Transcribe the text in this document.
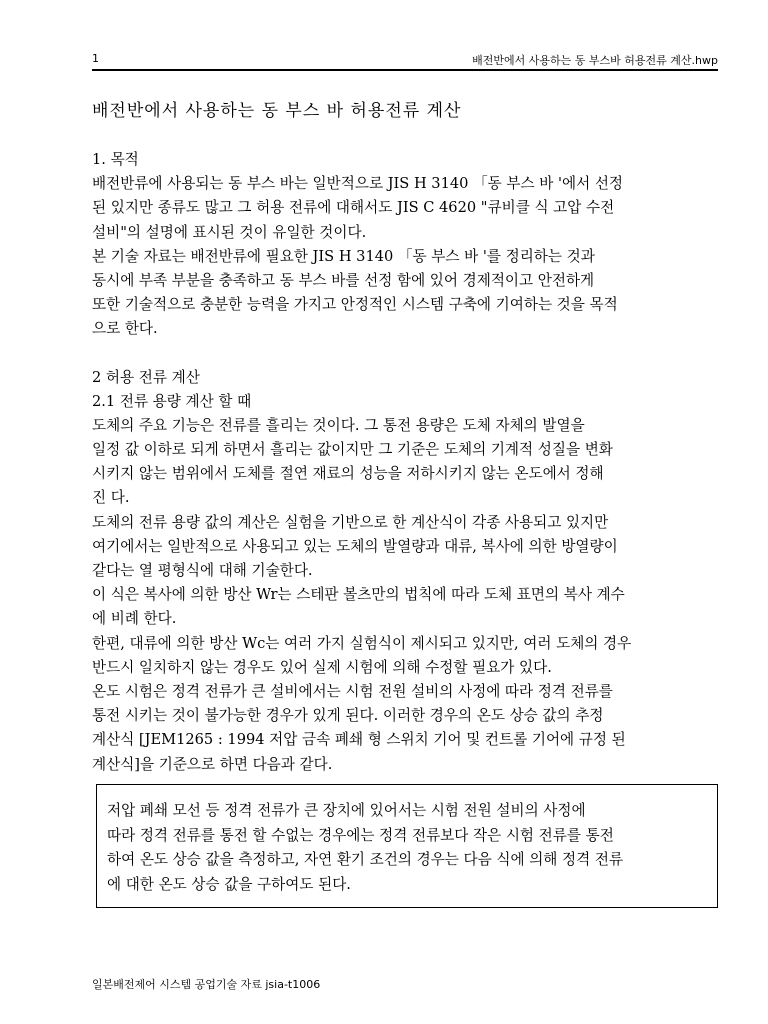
1	배전반에서 사용하는 동 부스바 허용전류 계산.hwp
배전반에서 사용하는 동 부스 바 허용전류 계산
1. 목적
배전반류에 사용되는 동 부스 바는 일반적으로 JIS H 3140 「동 부스 바 '에서 선정
된 있지만 종류도 많고 그 허용 전류에 대해서도 JIS C 4620 "큐비클 식 고압 수전
설비"의 설명에 표시된 것이 유일한 것이다.
본 기술 자료는 배전반류에 필요한 JIS H 3140 「동 부스 바 '를 정리하는 것과
동시에 부족 부분을 충족하고 동 부스 바를 선정 함에 있어 경제적이고 안전하게
또한 기술적으로 충분한 능력을 가지고 안정적인 시스템 구축에 기여하는 것을 목적
으로 한다.
2 허용 전류 계산
2.1 전류 용량 계산 할 때
도체의 주요 기능은 전류를 흘리는 것이다. 그 통전 용량은 도체 자체의 발열을
일정 값 이하로 되게 하면서 흘리는 값이지만 그 기준은 도체의 기계적 성질을 변화
시키지 않는 범위에서 도체를 절연 재료의 성능을 저하시키지 않는 온도에서 정해
진 다.
도체의 전류 용량 값의 계산은 실험을 기반으로 한 계산식이 각종 사용되고 있지만
여기에서는 일반적으로 사용되고 있는 도체의 발열량과 대류, 복사에 의한 방열량이
같다는 열 평형식에 대해 기술한다.
이 식은 복사에 의한 방산 Wr는 스테판 볼츠만의 법칙에 따라 도체 표면의 복사 계수
에 비례 한다.
한편, 대류에 의한 방산 Wc는 여러 가지 실험식이 제시되고 있지만, 여러 도체의 경우
반드시 일치하지 않는 경우도 있어 실제 시험에 의해 수정할 필요가 있다.
온도 시험은 정격 전류가 큰 설비에서는 시험 전원 설비의 사정에 따라 정격 전류를
통전 시키는 것이 불가능한 경우가 있게 된다. 이러한 경우의 온도 상승 값의 추정
계산식 [JEM1265 : 1994 저압 금속 폐쇄 형 스위치 기어 및 컨트롤 기어에 규정 된
계산식]을 기준으로 하면 다음과 같다.
저압 폐쇄 모선 등 정격 전류가 큰 장치에 있어서는 시험 전원 설비의 사정에
따라 정격 전류를 통전 할 수없는 경우에는 정격 전류보다 작은 시험 전류를 통전
하여 온도 상승 값을 측정하고, 자연 환기 조건의 경우는 다음 식에 의해 정격 전류
에 대한 온도 상승 값을 구하여도 된다.
일본배전제어 시스템 공업기술 자료 jsia-t1006
